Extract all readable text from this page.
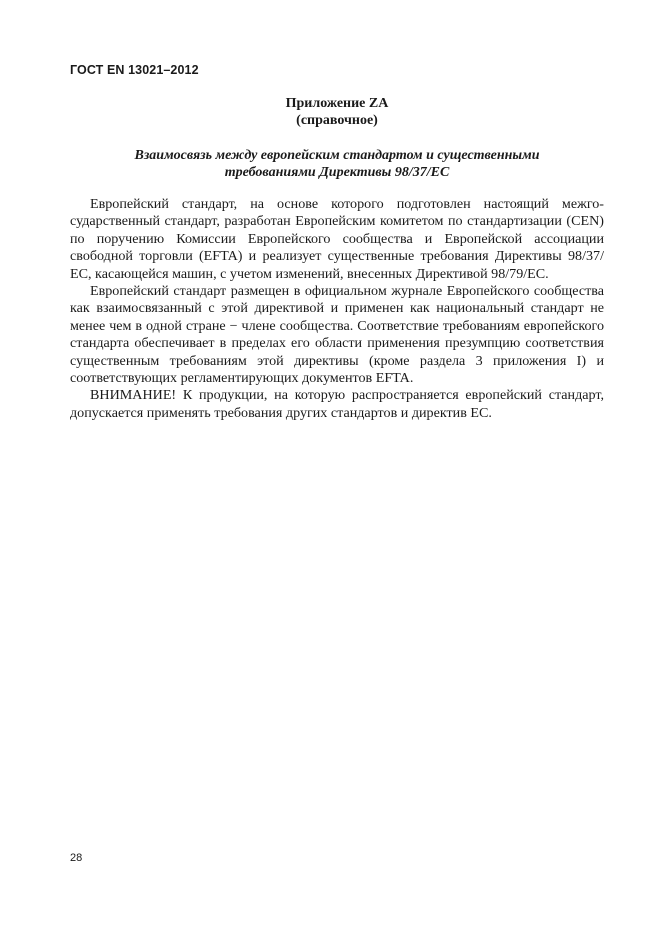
ГОСТ EN 13021–2012
Приложение ZA
(справочное)
Взаимосвязь между европейским стандартом и существенными
требованиями Директивы 98/37/ЕС

Европейский стандарт, на основе которого подготовлен настоящий межгосударственный стандарт, разработан Европейским комитетом по стандартизации (CEN) по поручению Комиссии Европейского сообщества и Европейской ассоциации свободной торговли (EFTA) и реализует существенные требования Директивы 98/37/ЕС, касающейся машин, с учетом изменений, внесенных Директивой 98/79/ЕС.

Европейский стандарт размещен в официальном журнале Европейского сообщества как взаимосвязанный с этой директивой и применен как национальный стандарт не менее чем в одной стране − члене сообщества. Соответствие требованиям европейского стандарта обеспечивает в пределах его области применения презумпцию соответствия существенным требованиям этой директивы (кроме раздела 3 приложения I) и соответствующих регламентирующих документов EFTA.

ВНИМАНИЕ! К продукции, на которую распространяется европейский стандарт, допускается применять требования других стандартов и директив ЕС.

28
